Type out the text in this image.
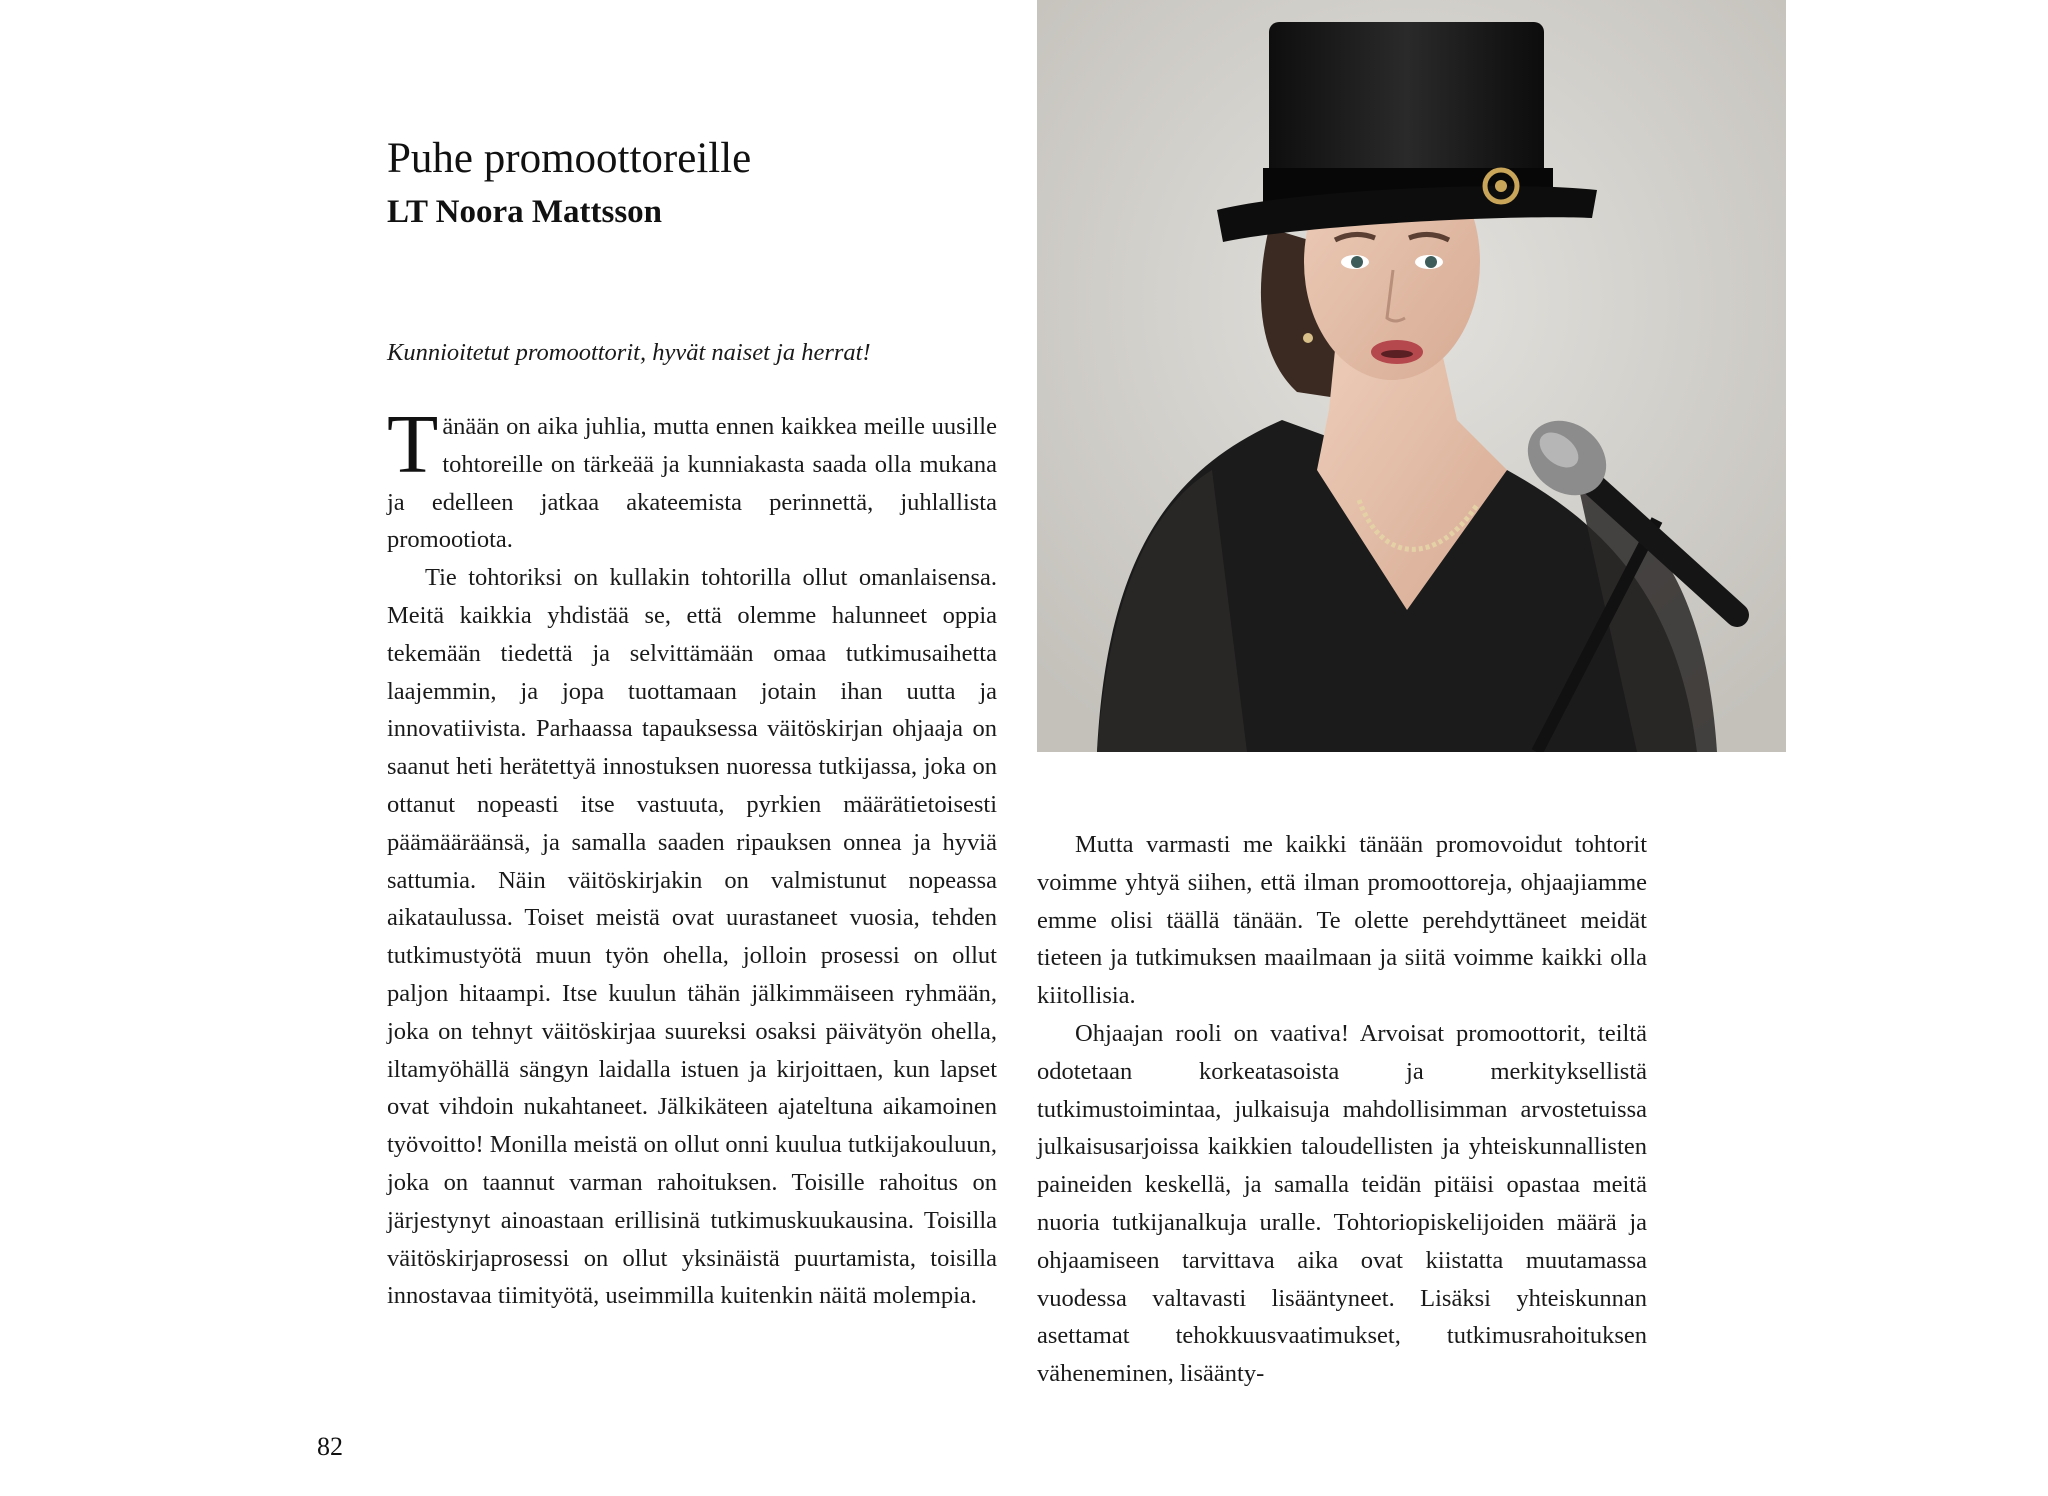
Puhe promoottoreille
LT Noora Mattsson

Kunnioitetut promoottorit, hyvät naiset ja herrat!

Tänään on aika juhlia, mutta ennen kaikkea meille uusille tohtoreille on tärkeää ja kunniakasta saada olla mukana ja edelleen jatkaa akateemista perinnettä, juhlallista promootiota.

Tie tohtoriksi on kullakin tohtorilla ollut omanlaisensa. Meitä kaikkia yhdistää se, että olemme halunneet oppia tekemään tiedettä ja selvittämään omaa tutkimusaihetta laajemmin, ja jopa tuottamaan jotain ihan uutta ja innovatiivista. Parhaassa tapauksessa väitöskirjan ohjaaja on saanut heti herätettyä innostuksen nuoressa tutkijassa, joka on ottanut nopeasti itse vastuuta, pyrkien määrätietoisesti päämääräänsä, ja samalla saaden ripauksen onnea ja hyviä sattumia. Näin väitöskirjakin on valmistunut nopeassa aikataulussa. Toiset meistä ovat uurastaneet vuosia, tehden tutkimustyötä muun työn ohella, jolloin prosessi on ollut paljon hitaampi. Itse kuulun tähän jälkimmäiseen ryhmään, joka on tehnyt väitöskirjaa suureksi osaksi päivätyön ohella, iltamyöhällä sängyn laidalla istuen ja kirjoittaen, kun lapset ovat vihdoin nukahtaneet. Jälkikäteen ajateltuna aikamoinen työvoitto! Monilla meistä on ollut onni kuulua tutkijakouluun, joka on taannut varman rahoituksen. Toisille rahoitus on järjestynyt ainoastaan erillisinä tutkimuskuukausina. Toisilla väitöskirjaprosessi on ollut yksinäistä puurtamista, toisilla innostavaa tiimityötä, useimmilla kuitenkin näitä molempia.

Mutta varmasti me kaikki tänään promovoidut tohtorit voimme yhtyä siihen, että ilman promoottoreja, ohjaajiamme emme olisi täällä tänään. Te olette perehdyttäneet meidät tieteen ja tutkimuksen maailmaan ja siitä voimme kaikki olla kiitollisia.

Ohjaajan rooli on vaativa! Arvoisat promoottorit, teiltä odotetaan korkeatasoista ja merkityksellistä tutkimustoimintaa, julkaisuja mahdollisimman arvostetuissa julkaisusarjoissa kaikkien taloudellisten ja yhteiskunnallisten paineiden keskellä, ja samalla teidän pitäisi opastaa meitä nuoria tutkijanalkuja uralle. Tohtoriopiskelijoiden määrä ja ohjaamiseen tarvittava aika ovat kiistatta muutamassa vuodessa valtavasti lisääntyneet. Lisäksi yhteiskunnan asettamat tehokkuusvaatimukset, tutkimusrahoituksen väheneminen, lisäänty-

82
